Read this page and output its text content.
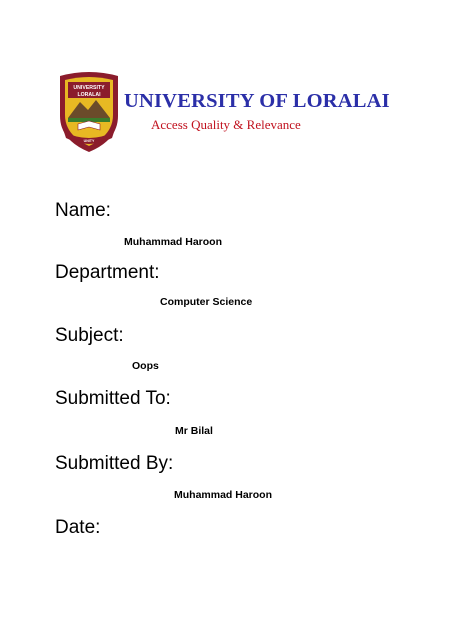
UNIVERSITY
LORALAI
UNITY
UNIVERSITY OF LORALAI
Access Quality & Relevance
Name:
Muhammad Haroon
Department:
Computer Science
Subject:
Oops
Submitted To:
Mr Bilal
Submitted By:
Muhammad Haroon
Date:
